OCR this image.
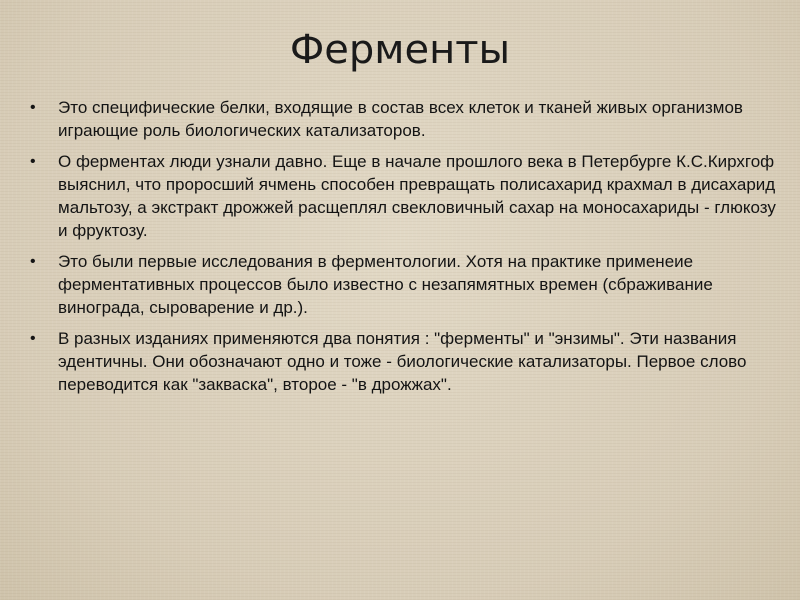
Ферменты
• Это специфические белки, входящие в состав всех клеток и тканей живых организмов играющие роль биологических катализаторов.
• О ферментах люди узнали давно. Еще в начале прошлого века в Петербурге К.С.Кирхгоф выяснил, что проросший ячмень способен превращать полисахарид крахмал в дисахарид мальтозу, а экстракт дрожжей расщеплял свекловичный сахар на моносахариды - глюкозу и фруктозу.
• Это были первые исследования в ферментологии. Хотя на практике применеие ферментативных процессов было известно с незапямятных времен (сбраживание винограда, сыроварение и др.).
• В разных изданиях применяются два понятия : "ферменты" и "энзимы". Эти названия эдентичны. Они обозначают одно и тоже - биологические катализаторы. Первое слово переводится как "закваска", второе - "в дрожжах".
